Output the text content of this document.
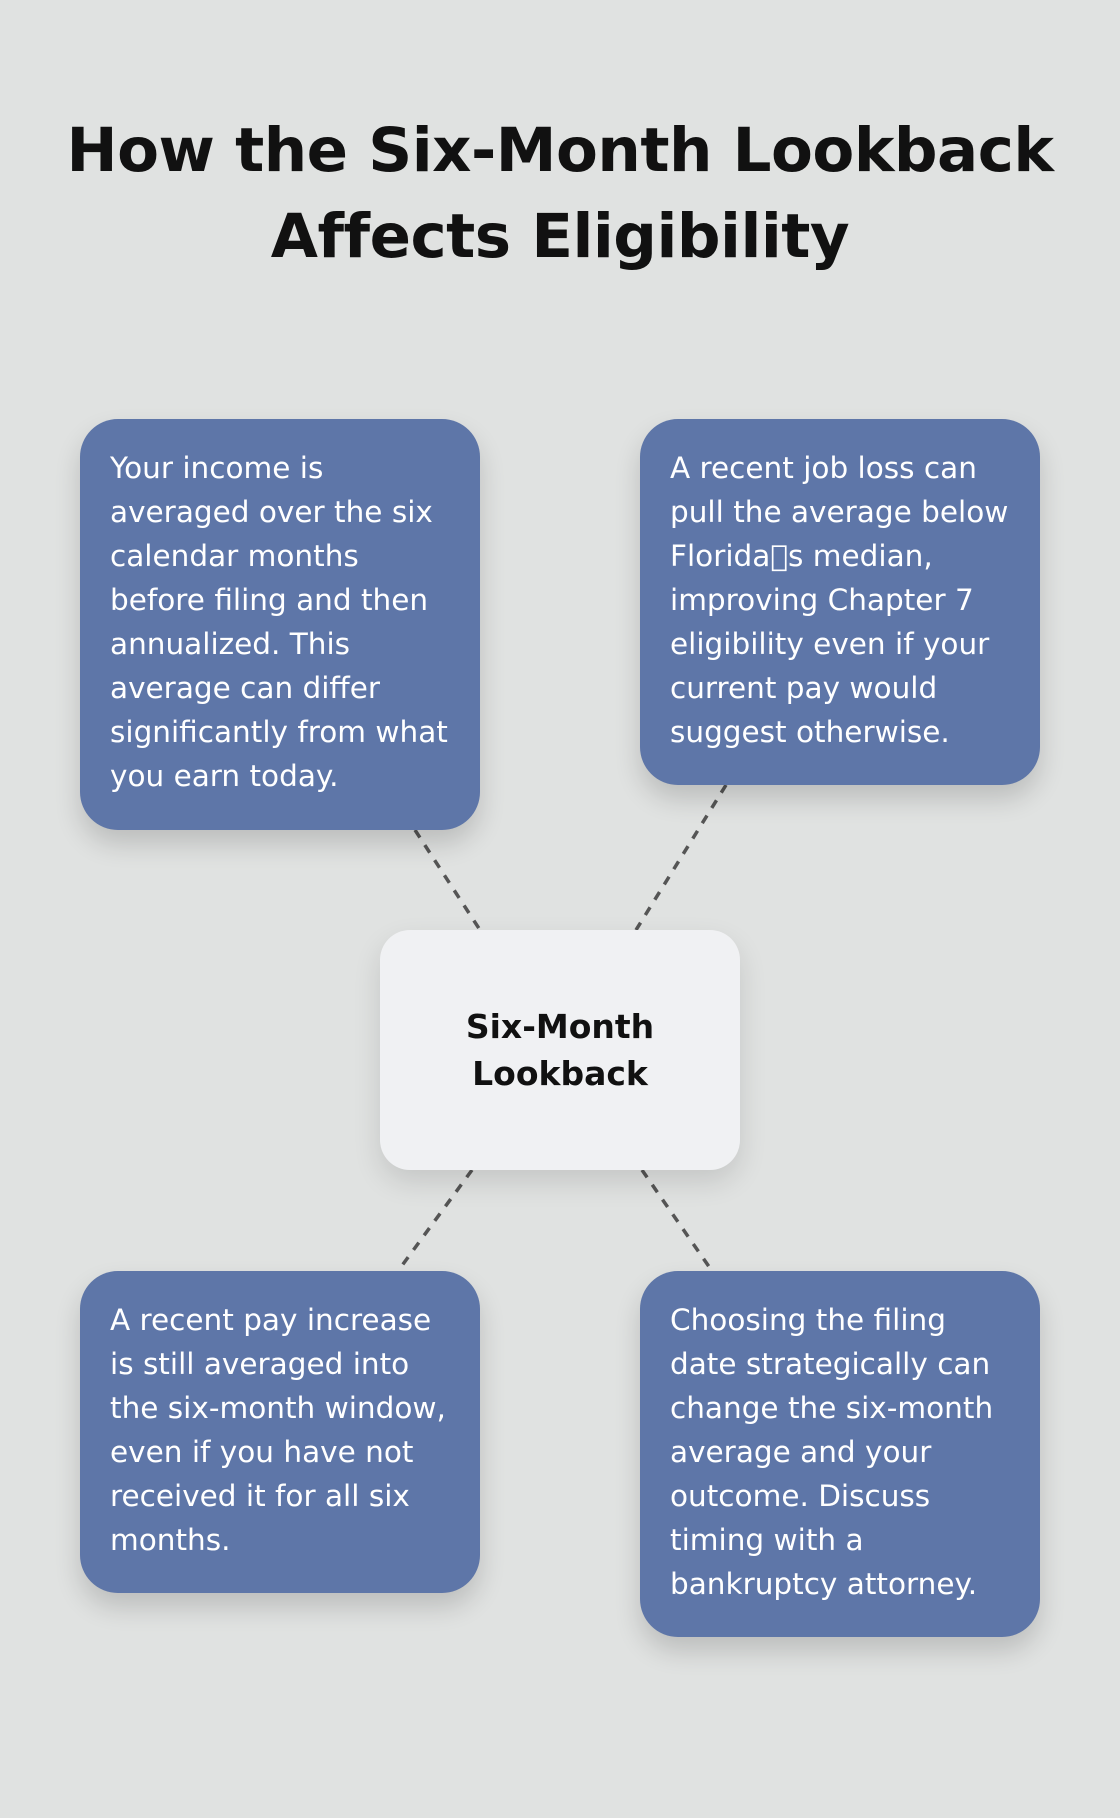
How the Six-Month Lookback
Affects Eligibility
Your income is averaged over the six calendar months before filing and then annualized. This average can differ significantly from what you earn today.
A recent job loss can pull the average below Florida s median, improving Chapter 7 eligibility even if your current pay would suggest otherwise.
Six-Month Lookback
A recent pay increase is still averaged into the six-month window, even if you have not received it for all six months.
Choosing the filing date strategically can change the six-month average and your outcome. Discuss timing with a bankruptcy attorney.
